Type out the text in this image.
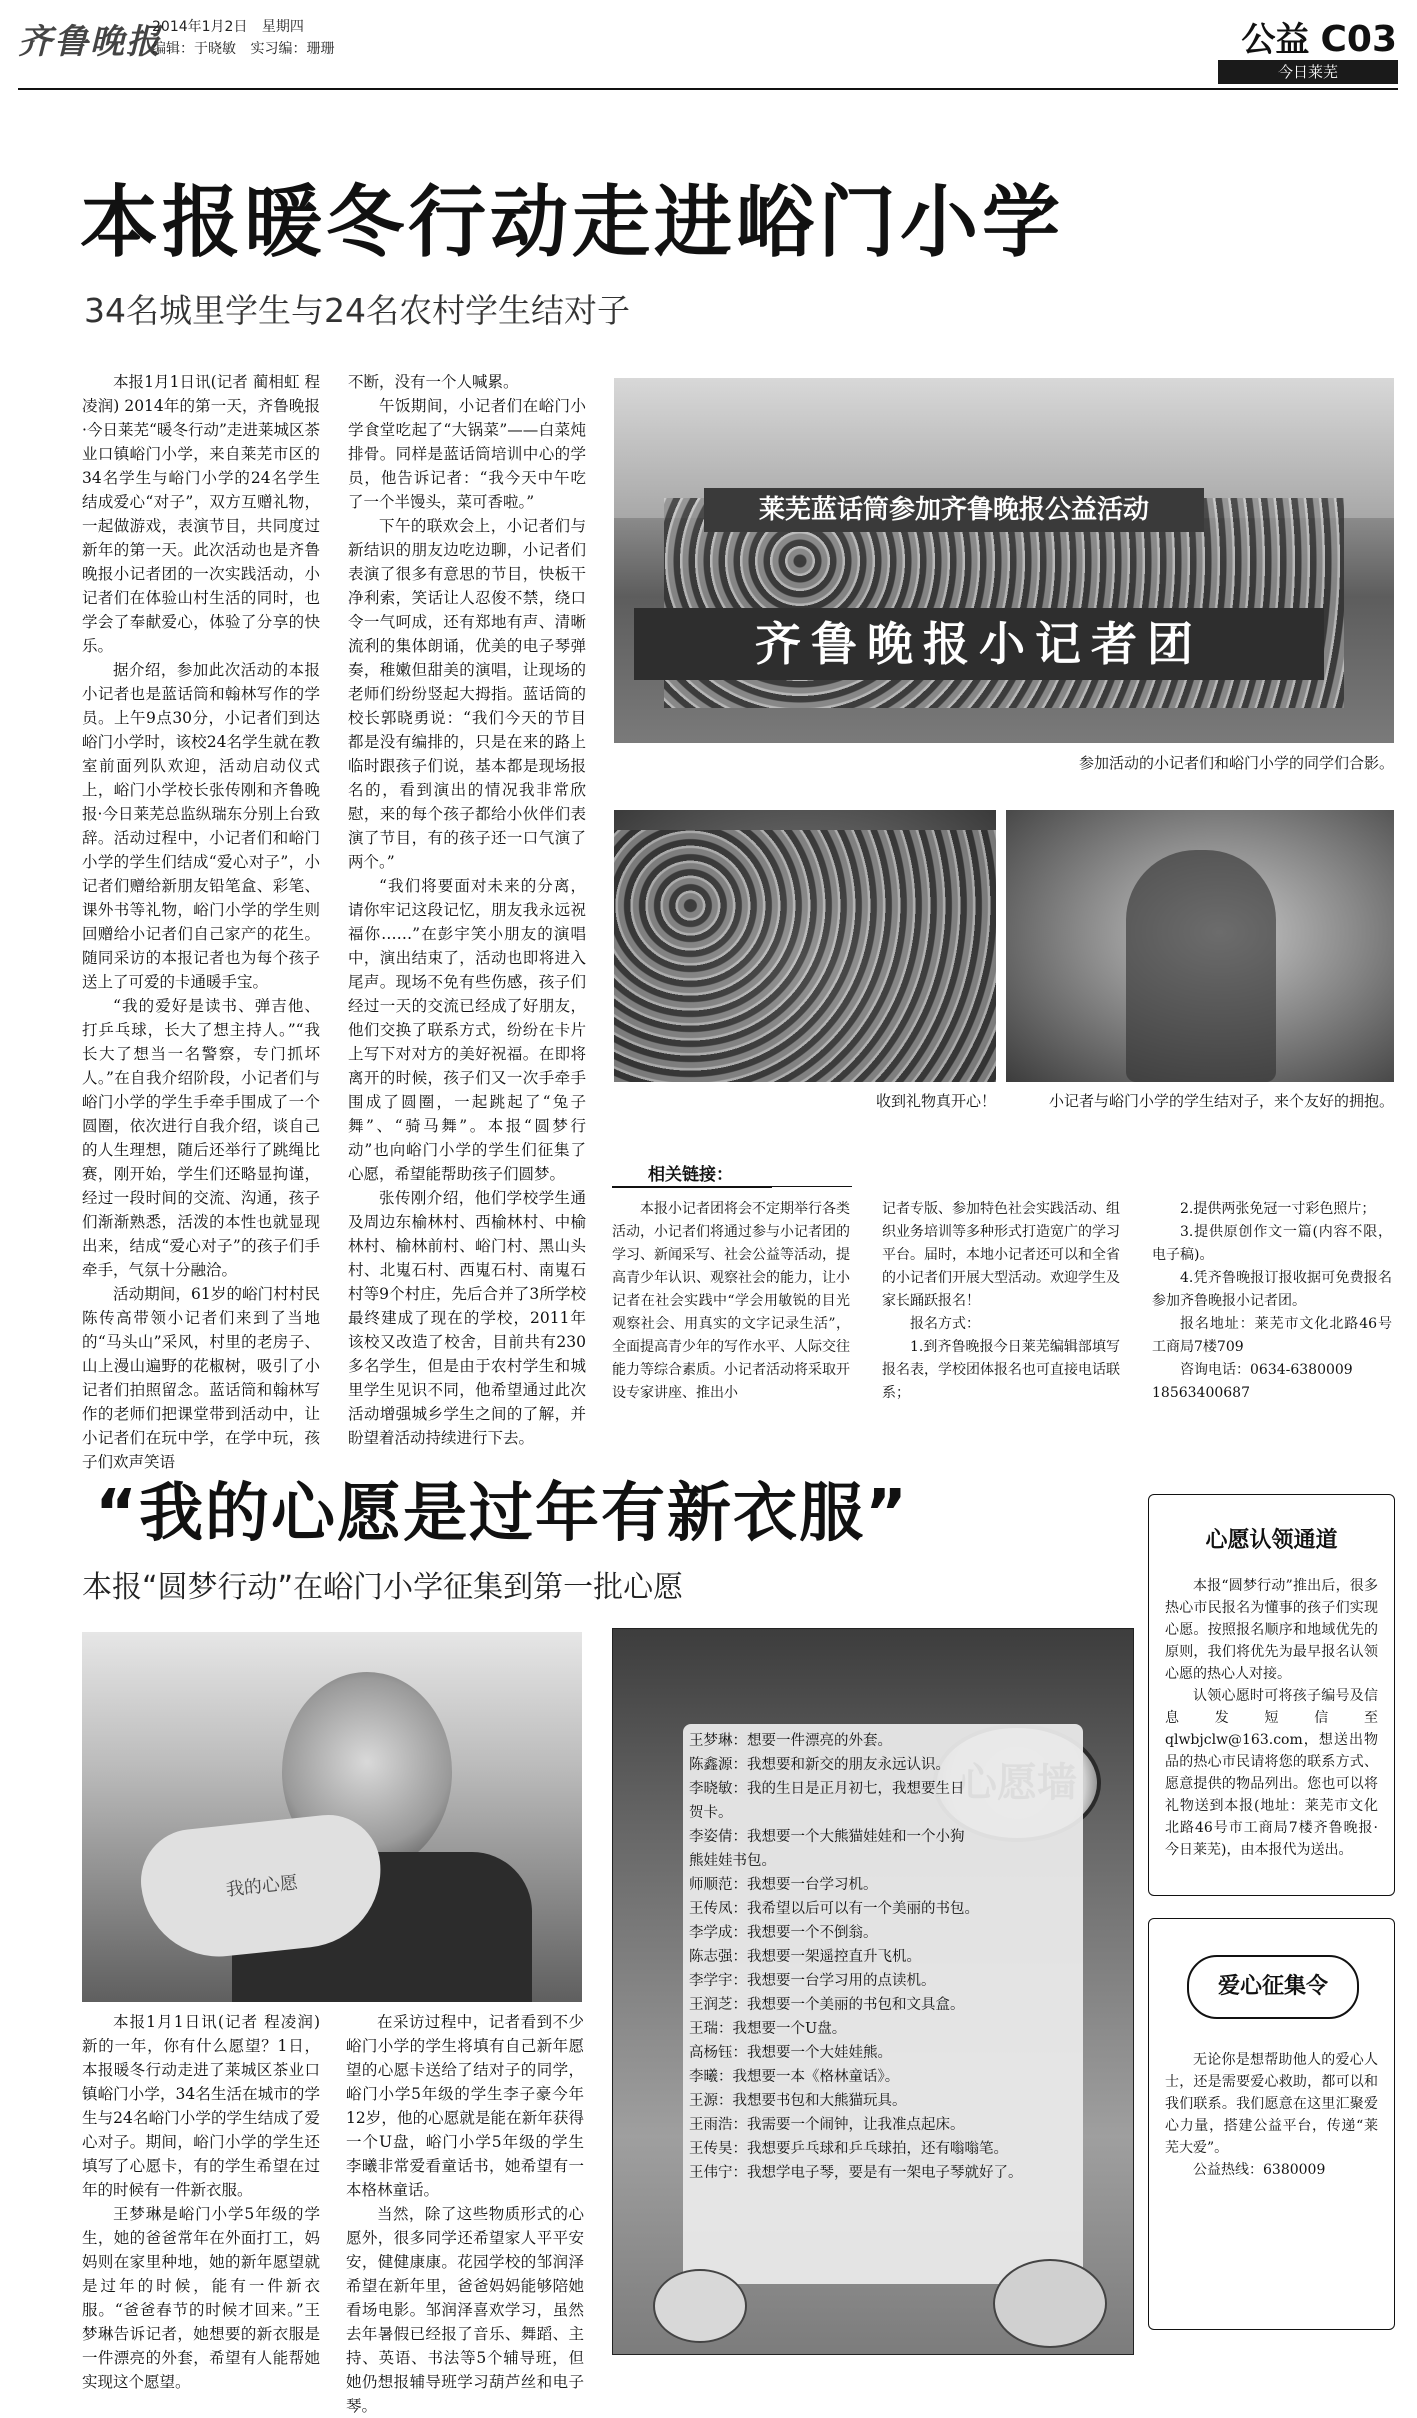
齐鲁晚报
2014年1月2日 星期四
编辑：于晓敏 实习编：珊珊	公益 C03
今日莱芜
本报暖冬行动走进峪门小学
34名城里学生与24名农村学生结对子

本报1月1日讯(记者 蔺相虹 程凌润) 2014年的第一天，齐鲁晚报·今日莱芜“暖冬行动”走进莱城区茶业口镇峪门小学，来自莱芜市区的34名学生与峪门小学的24名学生结成爱心“对子”，双方互赠礼物，一起做游戏，表演节目，共同度过新年的第一天。此次活动也是齐鲁晚报小记者团的一次实践活动，小记者们在体验山村生活的同时，也学会了奉献爱心，体验了分享的快乐。

据介绍，参加此次活动的本报小记者也是蓝话筒和翰林写作的学员。上午9点30分，小记者们到达峪门小学时，该校24名学生就在教室前面列队欢迎，活动启动仪式上，峪门小学校长张传刚和齐鲁晚报·今日莱芜总监纵瑞东分别上台致辞。活动过程中，小记者们和峪门小学的学生们结成“爱心对子”，小记者们赠给新朋友铅笔盒、彩笔、课外书等礼物，峪门小学的学生则回赠给小记者们自己家产的花生。随同采访的本报记者也为每个孩子送上了可爱的卡通暖手宝。

“我的爱好是读书、弹吉他、打乒乓球，长大了想主持人。”“我长大了想当一名警察，专门抓坏人。”在自我介绍阶段，小记者们与峪门小学的学生手牵手围成了一个圆圈，依次进行自我介绍，谈自己的人生理想，随后还举行了跳绳比赛，刚开始，学生们还略显拘谨，经过一段时间的交流、沟通，孩子们渐渐熟悉，活泼的本性也就显现出来，结成“爱心对子”的孩子们手牵手，气氛十分融洽。

活动期间，61岁的峪门村村民陈传高带领小记者们来到了当地的“马头山”采风，村里的老房子、山上漫山遍野的花椒树，吸引了小记者们拍照留念。蓝话筒和翰林写作的老师们把课堂带到活动中，让小记者们在玩中学，在学中玩，孩子们欢声笑语

不断，没有一个人喊累。

午饭期间，小记者们在峪门小学食堂吃起了“大锅菜”——白菜炖排骨。同样是蓝话筒培训中心的学员，他告诉记者：“我今天中午吃了一个半馒头，菜可香啦。”

下午的联欢会上，小记者们与新结识的朋友边吃边聊，小记者们表演了很多有意思的节目，快板干净利索，笑话让人忍俊不禁，绕口令一气呵成，还有郑地有声、清晰流利的集体朗诵，优美的电子琴弹奏，稚嫩但甜美的演唱，让现场的老师们纷纷竖起大拇指。蓝话筒的校长郭晓勇说：“我们今天的节目都是没有编排的，只是在来的路上临时跟孩子们说，基本都是现场报名的，看到演出的情况我非常欣慰，来的每个孩子都给小伙伴们表演了节目，有的孩子还一口气演了两个。”

“我们将要面对未来的分离，请你牢记这段记忆，朋友我永远祝福你……”在彭宇笑小朋友的演唱中，演出结束了，活动也即将进入尾声。现场不免有些伤感，孩子们经过一天的交流已经成了好朋友，他们交换了联系方式，纷纷在卡片上写下对对方的美好祝福。在即将离开的时候，孩子们又一次手牵手围成了圆圈，一起跳起了“兔子舞”、“骑马舞”。本报“圆梦行动”也向峪门小学的学生们征集了心愿，希望能帮助孩子们圆梦。

张传刚介绍，他们学校学生通及周边东榆林村、西榆林村、中榆林村、榆林前村、峪门村、黑山头村、北嵬石村、西嵬石村、南嵬石村等9个村庄，先后合并了3所学校最终建成了现在的学校，2011年该校又改造了校舍，目前共有230多名学生，但是由于农村学生和城里学生见识不同，他希望通过此次活动增强城乡学生之间的了解，并盼望着活动持续进行下去。

莱芜蓝话筒参加齐鲁晚报公益活动
齐鲁晚报小记者团
参加活动的小记者们和峪门小学的同学们合影。
收到礼物真开心！	小记者与峪门小学的学生结对子，来个友好的拥抱。
相关链接：

本报小记者团将会不定期举行各类活动，小记者们将通过参与小记者团的学习、新闻采写、社会公益等活动，提高青少年认识、观察社会的能力，让小记者在社会实践中“学会用敏锐的目光观察社会、用真实的文字记录生活”，全面提高青少年的写作水平、人际交往能力等综合素质。小记者活动将采取开设专家讲座、推出小

记者专版、参加特色社会实践活动、组织业务培训等多种形式打造宽广的学习平台。届时，本地小记者还可以和全省的小记者们开展大型活动。欢迎学生及家长踊跃报名！

报名方式：

1.到齐鲁晚报今日莱芜编辑部填写报名表，学校团体报名也可直接电话联系；

2.提供两张免冠一寸彩色照片；

3.提供原创作文一篇(内容不限，电子稿)。

4.凭齐鲁晚报订报收据可免费报名参加齐鲁晚报小记者团。

报名地址：莱芜市文化北路46号工商局7楼709

咨询电话：0634-6380009

18563400687

“我的心愿是过年有新衣服”
本报“圆梦行动”在峪门小学征集到第一批心愿
我的心愿

本报1月1日讯(记者 程凌润) 新的一年，你有什么愿望？1日，本报暖冬行动走进了莱城区茶业口镇峪门小学，34名生活在城市的学生与24名峪门小学的学生结成了爱心对子。期间，峪门小学的学生还填写了心愿卡，有的学生希望在过年的时候有一件新衣服。

王梦琳是峪门小学5年级的学生，她的爸爸常年在外面打工，妈妈则在家里种地，她的新年愿望就是过年的时候，能有一件新衣服。“爸爸春节的时候才回来。”王梦琳告诉记者，她想要的新衣服是一件漂亮的外套，希望有人能帮她实现这个愿望。

在采访过程中，记者看到不少峪门小学的学生将填有自己新年愿望的心愿卡送给了结对子的同学，峪门小学5年级的学生李子豪今年12岁，他的心愿就是能在新年获得一个U盘，峪门小学5年级的学生李曦非常爱看童话书，她希望有一本格林童话。

当然，除了这些物质形式的心愿外，很多同学还希望家人平平安安，健健康康。花园学校的邹润泽希望在新年里，爸爸妈妈能够陪她看场电影。邹润泽喜欢学习，虽然去年暑假已经报了音乐、舞蹈、主持、英语、书法等5个辅导班，但她仍想报辅导班学习葫芦丝和电子琴。

王梦琳：想要一件漂亮的外套。
陈鑫源：我想要和新交的朋友永远认识。
李晓敏：我的生日是正月初七，我想要生日贺卡。
李姿倩：我想要一个大熊猫娃娃和一个小狗熊娃娃书包。
师顺范：我想要一台学习机。
王传凤：我希望以后可以有一个美丽的书包。
李学成：我想要一个不倒翁。
陈志强：我想要一架遥控直升飞机。
李学宇：我想要一台学习用的点读机。
王润芝：我想要一个美丽的书包和文具盒。
王瑞：我想要一个U盘。
高杨钰：我想要一个大娃娃熊。
李曦：我想要一本《格林童话》。
王源：我想要书包和大熊猫玩具。
王雨浩：我需要一个闹钟，让我准点起床。
王传昊：我想要乒乓球和乒乓球拍，还有嗡嗡笔。
王伟宁：我想学电子琴，要是有一架电子琴就好了。
心愿认领通道

本报“圆梦行动”推出后，很多热心市民报名为懂事的孩子们实现心愿。按照报名顺序和地域优先的原则，我们将优先为最早报名认领心愿的热心人对接。

认领心愿时可将孩子编号及信息发短信至qlwbjclw@163.com，想送出物品的热心市民请将您的联系方式、愿意提供的物品列出。您也可以将礼物送到本报(地址：莱芜市文化北路46号市工商局7楼齐鲁晚报·今日莱芜)，由本报代为送出。

爱心征集令

无论你是想帮助他人的爱心人士，还是需要爱心救助，都可以和我们联系。我们愿意在这里汇聚爱心力量，搭建公益平台，传递“莱芜大爱”。

公益热线：6380009
